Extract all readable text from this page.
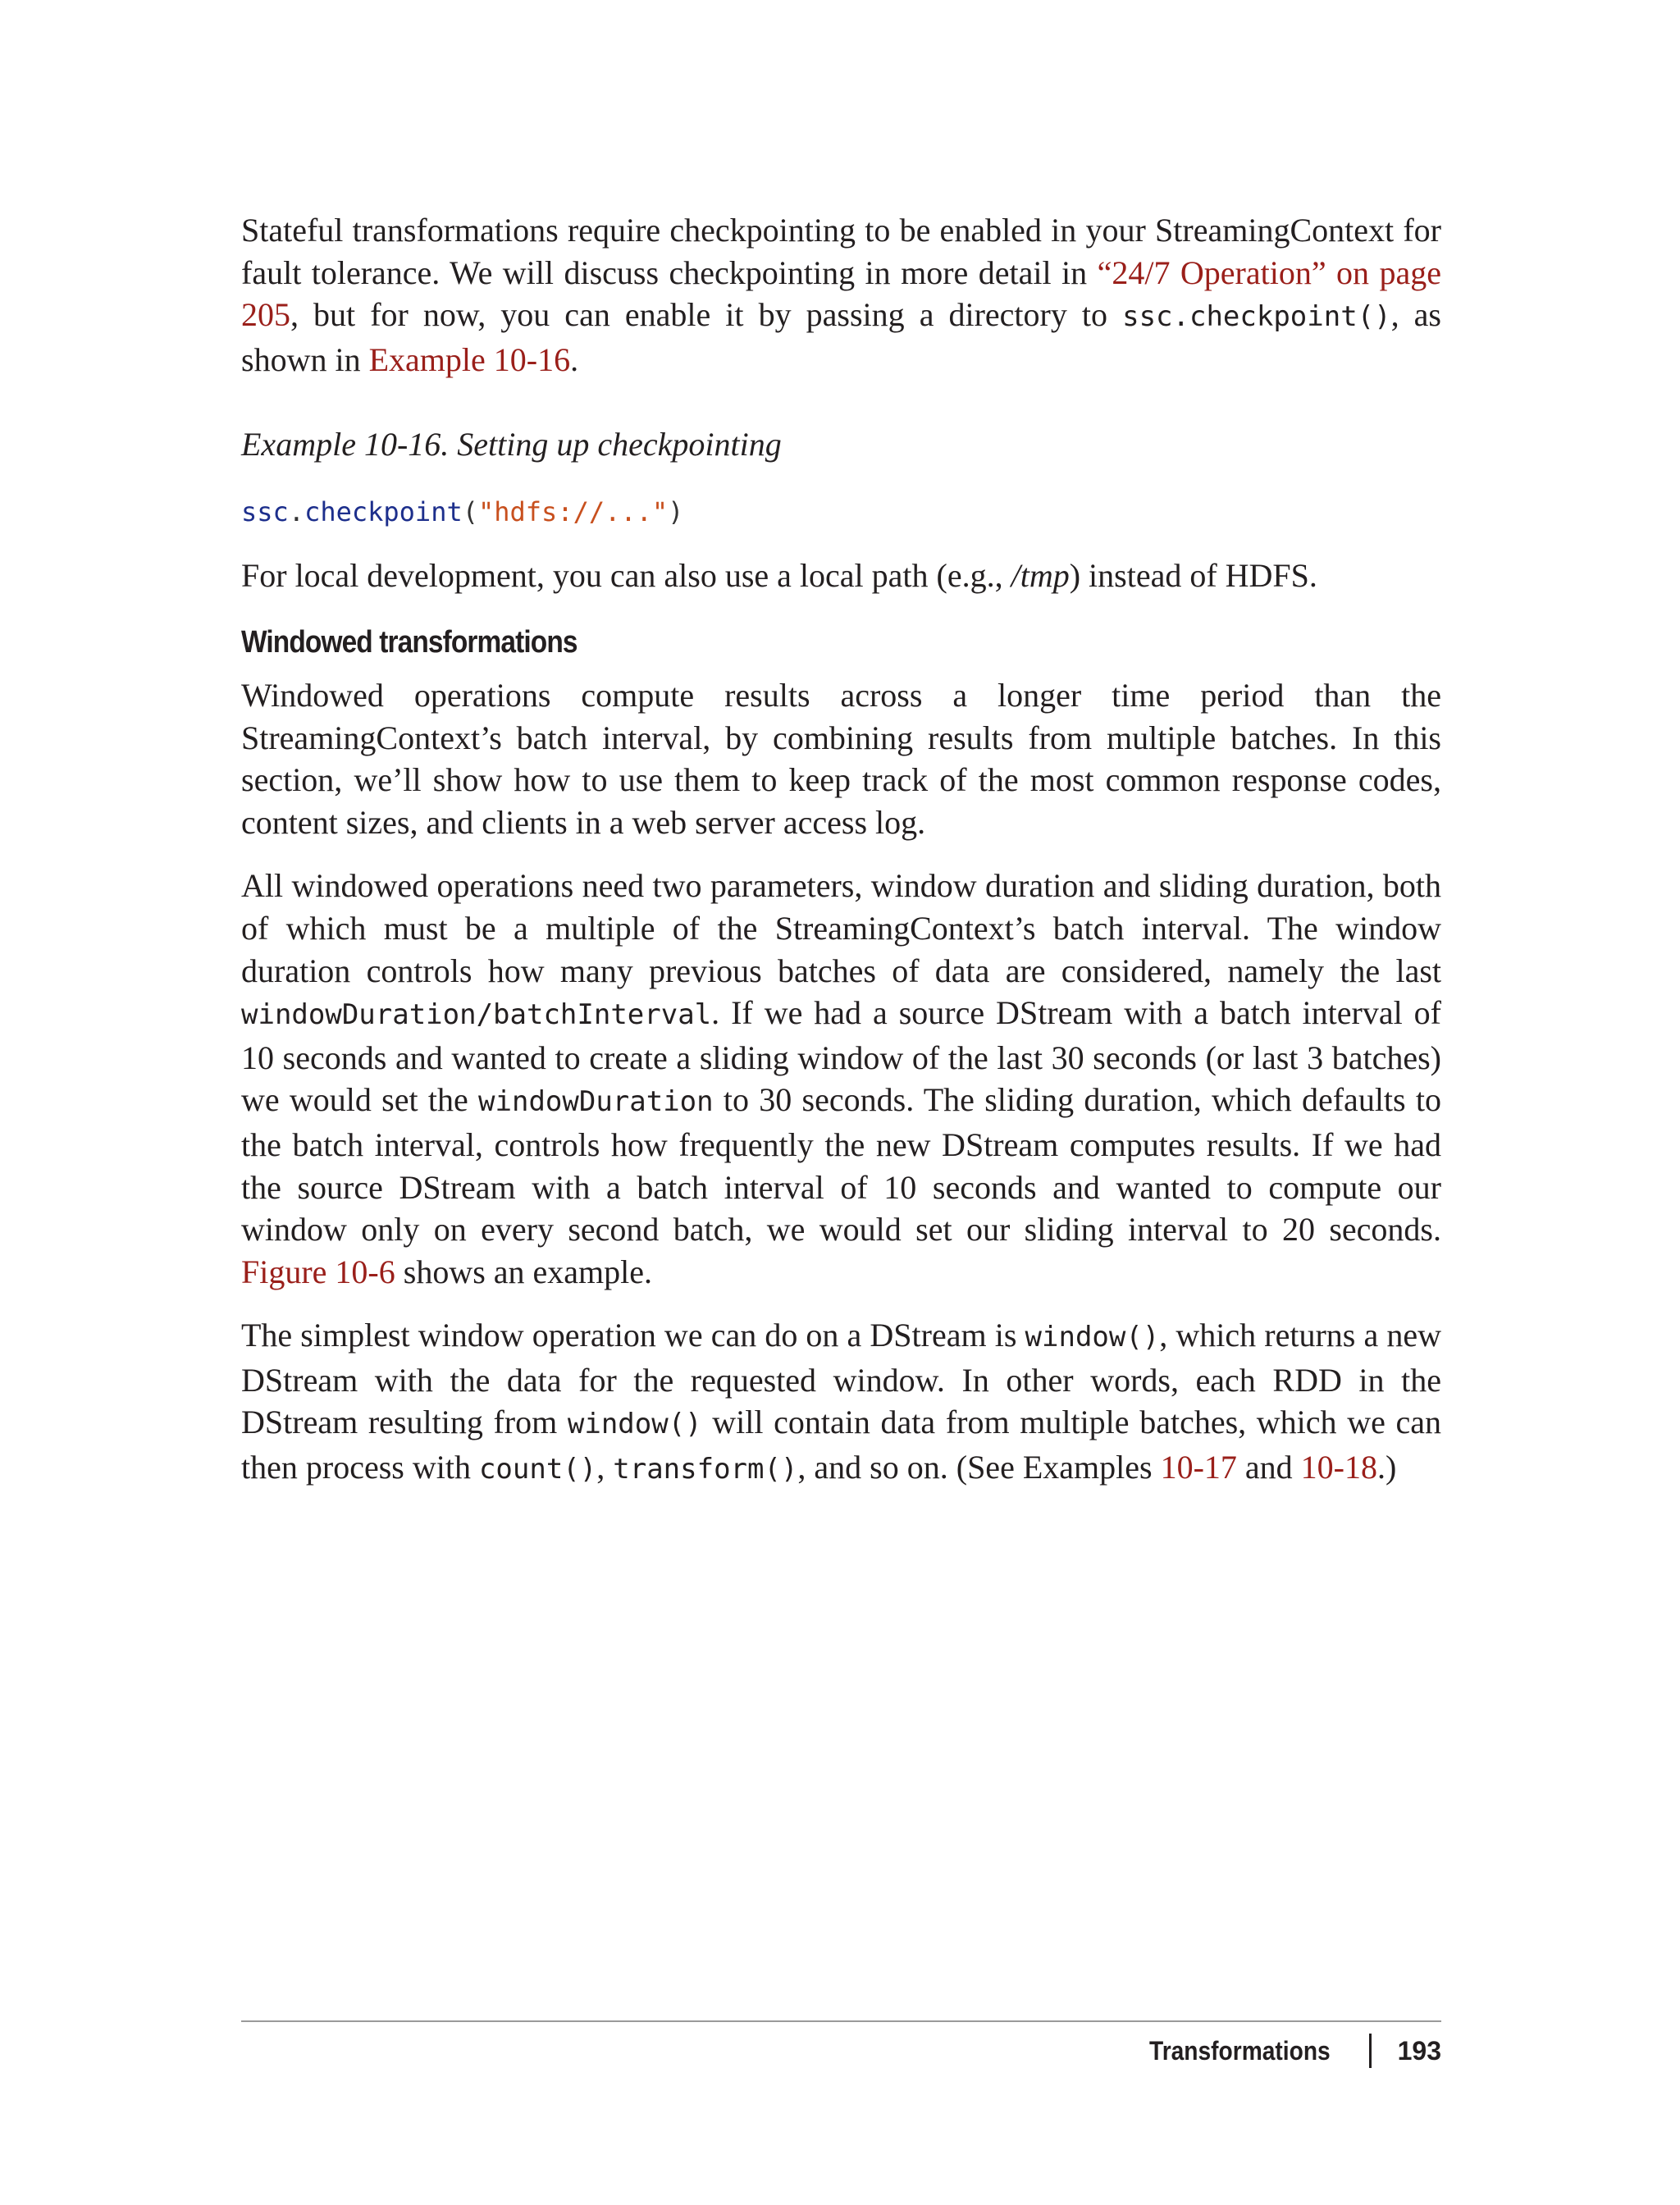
Stateful transformations require checkpointing to be enabled in your StreamingContext for fault tolerance. We will discuss checkpointing in more detail in “24/7 Operation” on page 205, but for now, you can enable it by passing a directory to ssc.checkpoint(), as shown in Example 10-16.

Example 10-16. Setting up checkpointing
ssc.checkpoint("hdfs://...")

For local development, you can also use a local path (e.g., /tmp) instead of HDFS.

Windowed transformations

Windowed operations compute results across a longer time period than the StreamingContext’s batch interval, by combining results from multiple batches. In this section, we’ll show how to use them to keep track of the most common response codes, content sizes, and clients in a web server access log.

All windowed operations need two parameters, window duration and sliding duration, both of which must be a multiple of the StreamingContext’s batch interval. The window duration controls how many previous batches of data are considered, namely the last windowDuration/batchInterval. If we had a source DStream with a batch interval of 10 seconds and wanted to create a sliding window of the last 30 seconds (or last 3 batches) we would set the windowDuration to 30 seconds. The sliding duration, which defaults to the batch interval, controls how frequently the new DStream computes results. If we had the source DStream with a batch interval of 10 seconds and wanted to compute our window only on every second batch, we would set our sliding interval to 20 seconds. Figure 10-6 shows an example.

The simplest window operation we can do on a DStream is window(), which returns a new DStream with the data for the requested window. In other words, each RDD in the DStream resulting from window() will contain data from multiple batches, which we can then process with count(), transform(), and so on. (See Examples 10-17 and 10-18.)

Transformations	193
